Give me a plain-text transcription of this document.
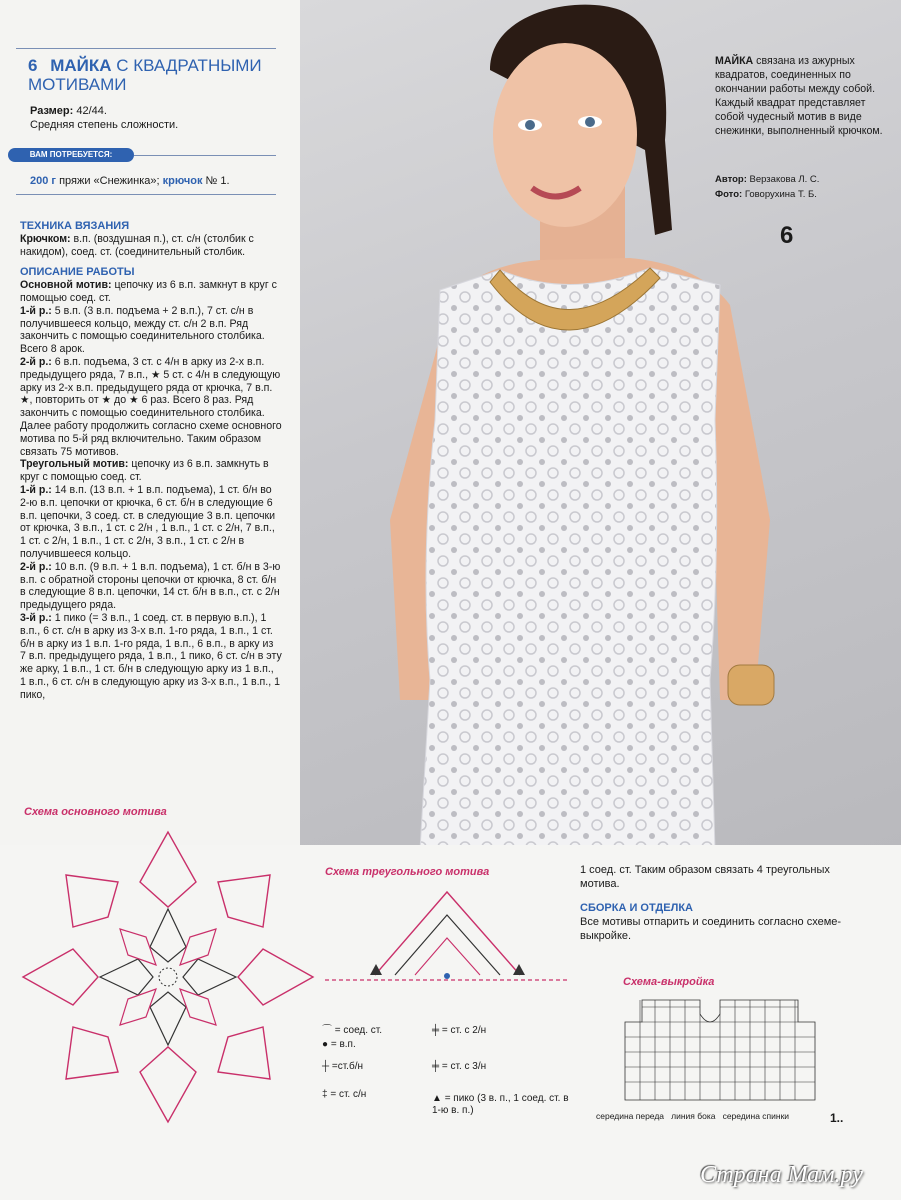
6 МАЙКА С КВАДРАТНЫМИ МОТИВАМИ
Размер: 42/44.
Средняя степень сложности.
ВАМ ПОТРЕБУЕТСЯ:
200 г пряжи «Снежинка»; крючок № 1.

ТЕХНИКА ВЯЗАНИЯ

Крючком: в.п. (воздушная п.), ст. с/н (столбик с накидом), соед. ст. (соединительный столбик.

ОПИСАНИЕ РАБОТЫ

Основной мотив: цепочку из 6 в.п. замкнут в круг с помощью соед. ст.

1-й р.: 5 в.п. (3 в.п. подъема + 2 в.п.), 7 ст. с/н в получившееся кольцо, между ст. с/н 2 в.п. Ряд закончить с помощью соединительного столбика. Всего 8 арок.

2-й р.: 6 в.п. подъема, 3 ст. с 4/н в арку из 2-х в.п. предыдущего ряда, 7 в.п., ★ 5 ст. с 4/н в следующую арку из 2-х в.п. предыдущего ряда от крючка, 7 в.п. ★, повторить от ★ до ★ 6 раз. Всего 8 раз. Ряд закончить с помощью соединительного столбика.

Далее работу продолжить согласно схеме основного мотива по 5-й ряд включительно. Таким образом связать 75 мотивов.

Треугольный мотив: цепочку из 6 в.п. замкнуть в круг с помощью соед. ст.

1-й р.: 14 в.п. (13 в.п. + 1 в.п. подъема), 1 ст. б/н во 2-ю в.п. цепочки от крючка, 6 ст. б/н в следующие 6 в.п. цепочки, 3 соед. ст. в следующие 3 в.п. цепочки от крючка, 3 в.п., 1 ст. с 2/н , 1 в.п., 1 ст. с 2/н, 7 в.п., 1 ст. с 2/н, 1 в.п., 1 ст. с 2/н, 3 в.п., 1 ст. с 2/н в получившееся кольцо.

2-й р.: 10 в.п. (9 в.п. + 1 в.п. подъема), 1 ст. б/н в 3-ю в.п. с обратной стороны цепочки от крючка, 8 ст. б/н в следующие 8 в.п. цепочки, 14 ст. б/н в в.п., ст. с 2/н предыдущего ряда.

3-й р.: 1 пико (= 3 в.п., 1 соед. ст. в первую в.п.), 1 в.п., 6 ст. с/н в арку из 3-х в.п. 1-го ряда, 1 в.п., 1 ст. б/н в арку из 1 в.п. 1-го ряда, 1 в.п., 6 в.п., в арку из 7 в.п. предыдущего ряда, 1 в.п., 1 пико, 6 ст. с/н в эту же арку, 1 в.п., 1 ст. б/н в следующую арку из 1 в.п., 1 в.п., 6 ст. с/н в следующую арку из 3-х в.п., 1 в.п., 1 пико,

МАЙКА связана из ажурных квадратов, соединенных по окончании работы между собой. Каждый квадрат представляет собой чудесный мотив в виде снежинки, выполненный крючком.
Автор: Верзакова Л. С.
Фото: Говорухина Т. Б.
6
Схема основного мотива
Схема треугольного мотива	1 соед. ст. Таким образом связать 4 треугольных мотива.
СБОРКА И ОТДЕЛКА
Все мотивы отпарить и соединить согласно схеме-выкройке.
Схема-выкройка
середина переда линия бока середина спинки
⌒ = соед. ст.
● = в.п.
┼ =ст.б/н
‡ = ст. с/н
╪ = ст. с 2/н
╪ = ст. с 3/н
▲ = пико (3 в. п., 1 соед. ст. в 1-ю в. п.)
1..
Страна Мам.ру
